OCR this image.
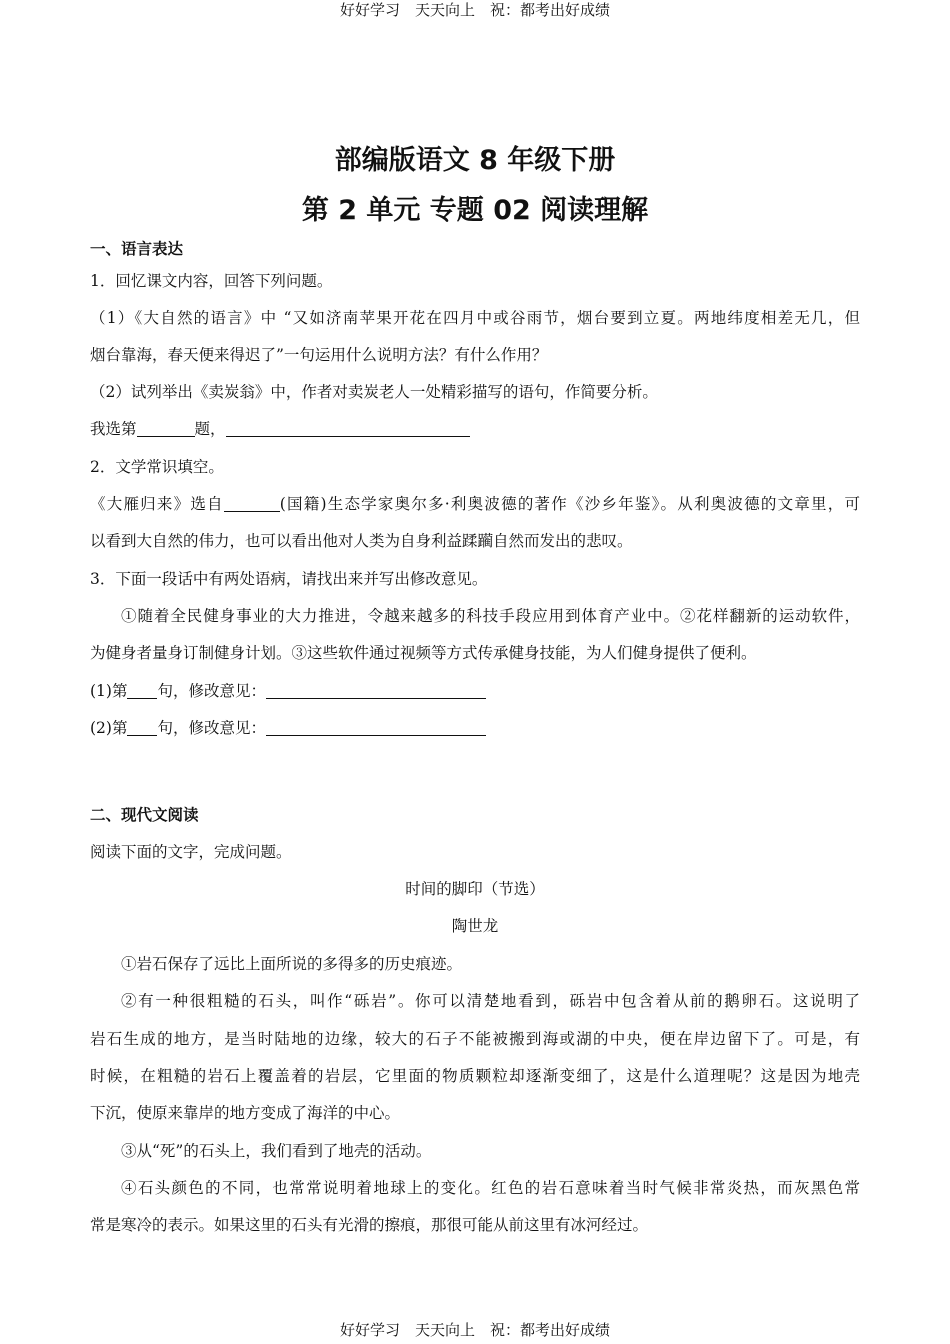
好好学习　天天向上　祝：都考出好成绩
部编版语文 8 年级下册
第 2 单元 专题 02 阅读理解
一、语言表达
1．回忆课文内容，回答下列问题。
（1）《大自然的语言》中 “又如济南苹果开花在四月中或谷雨节，烟台要到立夏。两地纬度相差无几，但
烟台靠海，春天便来得迟了”一句运用什么说明方法？有什么作用？
（2）试列举出《卖炭翁》中，作者对卖炭老人一处精彩描写的语句，作简要分析。
我选第	题，
2．文学常识填空。
《大雁归来》选自	(国籍)生态学家奥尔多·利奥波德的著作《沙乡年鉴》。从利奥波德的文章里，可
以看到大自然的伟力，也可以看出他对人类为自身利益蹂躏自然而发出的悲叹。
3．下面一段话中有两处语病，请找出来并写出修改意见。
①随着全民健身事业的大力推进，令越来越多的科技手段应用到体育产业中。②花样翻新的运动软件，
为健身者量身订制健身计划。③这些软件通过视频等方式传承健身技能，为人们健身提供了便利。
(1)第 句，修改意见：
(2)第 句，修改意见：
二、现代文阅读
阅读下面的文字，完成问题。
时间的脚印（节选）
陶世龙
①岩石保存了远比上面所说的多得多的历史痕迹。
②有一种很粗糙的石头，叫作“砾岩”。你可以清楚地看到，砾岩中包含着从前的鹅卵石。这说明了
岩石生成的地方，是当时陆地的边缘，较大的石子不能被搬到海或湖的中央，便在岸边留下了。可是，有
时候，在粗糙的岩石上覆盖着的岩层，它里面的物质颗粒却逐渐变细了，这是什么道理呢？这是因为地壳
下沉，使原来靠岸的地方变成了海洋的中心。
③从“死”的石头上，我们看到了地壳的活动。
④石头颜色的不同，也常常说明着地球上的变化。红色的岩石意味着当时气候非常炎热，而灰黑色常
常是寒冷的表示。如果这里的石头有光滑的擦痕，那很可能从前这里有冰河经过。
好好学习　天天向上　祝：都考出好成绩
